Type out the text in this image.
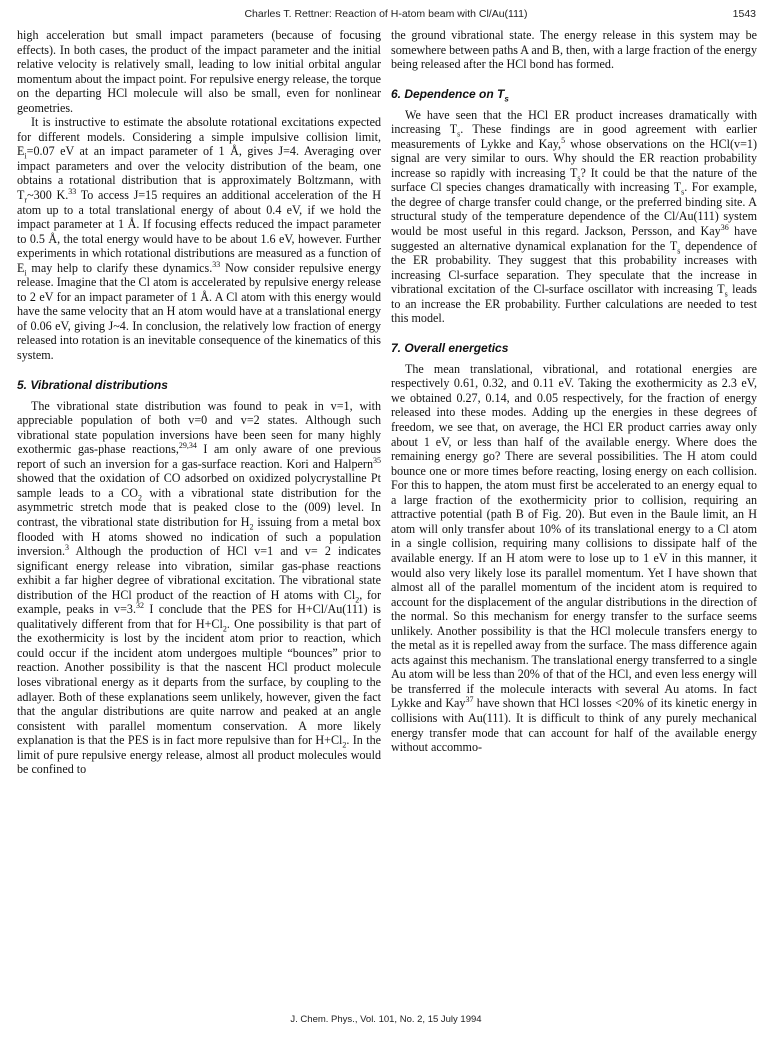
Charles T. Rettner: Reaction of H-atom beam with Cl/Au(111)	1543

high acceleration but small impact parameters (because of focusing effects). In both cases, the product of the impact parameter and the initial relative velocity is relatively small, leading to low initial orbital angular momentum about the impact point. For repulsive energy release, the torque on the departing HCl molecule will also be small, even for nonlinear geometries.

It is instructive to estimate the absolute rotational excitations expected for different models. Considering a simple impulsive collision limit, $E_i=0.07$ eV at an impact parameter of 1 Å, gives J=4. Averaging over impact parameters and over the velocity distribution of the beam, one obtains a rotational distribution that is approximately Boltzmann, with $T_r\sim 300$ K.$^{33}$ To access J=15 requires an additional acceleration of the H atom up to a total translational energy of about 0.4 eV, if we hold the impact parameter at 1 Å. If focusing effects reduced the impact parameter to 0.5 Å, the total energy would have to be about 1.6 eV, however. Further experiments in which rotational distributions are measured as a function of $E_i$ may help to clarify these dynamics.$^{33}$ Now consider repulsive energy release. Imagine that the Cl atom is accelerated by repulsive energy release to 2 eV for an impact parameter of 1 Å. A Cl atom with this energy would have the same velocity that an H atom would have at a translational energy of 0.06 eV, giving J~4. In conclusion, the relatively low fraction of energy released into rotation is an inevitable consequence of the kinematics of this system.

5. Vibrational distributions

The vibrational state distribution was found to peak in v=1, with appreciable population of both v=0 and v=2 states. Although such vibrational state population inversions have been seen for many highly exothermic gas-phase reactions,$^{29,34}$ I am only aware of one previous report of such an inversion for a gas-surface reaction. Kori and Halpern$^{35}$ showed that the oxidation of CO adsorbed on oxidized polycrystalline Pt sample leads to a $CO_2$ with a vibrational state distribution for the asymmetric stretch mode that is peaked close to the (009) level. In contrast, the vibrational state distribution for $H_2$ issuing from a metal box flooded with H atoms showed no indication of such a population inversion.$^3$ Although the production of HCl v=1 and v= 2 indicates significant energy release into vibration, similar gas-phase reactions exhibit a far higher degree of vibrational excitation. The vibrational state distribution of the HCl product of the reaction of H atoms with $Cl_2$, for example, peaks in v=3.32 I conclude that the PES for H+Cl/Au(111) is qualitatively different from that for $H+Cl_2$. One possibility is that part of the exothermicity is lost by the incident atom prior to reaction, which could occur if the incident atom undergoes multiple “bounces” prior to reaction. Another possibility is that the nascent HCl product molecule loses vibrational energy as it departs from the surface, by coupling to the adlayer. Both of these explanations seem unlikely, however, given the fact that the angular distributions are quite narrow and peaked at an angle consistent with parallel momentum conservation. A more likely explanation is that the PES is in fact more repulsive than for $H+Cl_2$. In the limit of pure repulsive energy release, almost all product molecules would be confined to

the ground vibrational state. The energy release in this system may be somewhere between paths A and B, then, with a large fraction of the energy being released after the HCl bond has formed.

6. Dependence on $T_s$

We have seen that the HCl ER product increases dramatically with increasing $T_s$. These findings are in good agreement with earlier measurements of Lykke and Kay,$^5$ whose observations on the HCl(v=1) signal are very similar to ours. Why should the ER reaction probability increase so rapidly with increasing $T_s$? It could be that the nature of the surface Cl species changes dramatically with increasing $T_s$. For example, the degree of charge transfer could change, or the preferred binding site. A structural study of the temperature dependence of the Cl/Au(111) system would be most useful in this regard. Jackson, Persson, and Kay$^{36}$ have suggested an alternative dynamical explanation for the $T_s$ dependence of the ER probability. They suggest that this probability increases with increasing Cl-surface separation. They speculate that the increase in vibrational excitation of the Cl-surface oscillator with increasing $T_s$ leads to an increase the ER probability. Further calculations are needed to test this model.

7. Overall energetics

The mean translational, vibrational, and rotational energies are respectively 0.61, 0.32, and 0.11 eV. Taking the exothermicity as 2.3 eV, we obtained 0.27, 0.14, and 0.05 respectively, for the fraction of energy released into these modes. Adding up the energies in these degrees of freedom, we see that, on average, the HCl ER product carries away only about 1 eV, or less than half of the available energy. Where does the remaining energy go? There are several possibilities. The H atom could bounce one or more times before reacting, losing energy on each collision. For this to happen, the atom must first be accelerated to an energy equal to a large fraction of the exothermicity prior to collision, requiring an attractive potential (path B of Fig. 20). But even in the Baule limit, an H atom will only transfer about 10% of its translational energy to a Cl atom in a single collision, requiring many collisions to dissipate half of the available energy. If an H atom were to lose up to 1 eV in this manner, it would also very likely lose its parallel momentum. Yet I have shown that almost all of the parallel momentum of the incident atom is required to account for the displacement of the angular distributions in the direction of the normal. So this mechanism for energy transfer to the surface seems unlikely. Another possibility is that the HCl molecule transfers energy to the metal as it is repelled away from the surface. The mass difference again acts against this mechanism. The translational energy transferred to a single Au atom will be less than 20% of that of the HCl, and even less energy will be transferred if the molecule interacts with several Au atoms. In fact Lykke and Kay$^{37}$ have shown that HCl losses <20% of its kinetic energy in collisions with Au(111). It is difficult to think of any purely mechanical energy transfer mode that can account for half of the available energy without accommo-

J. Chem. Phys., Vol. 101, No. 2, 15 July 1994
